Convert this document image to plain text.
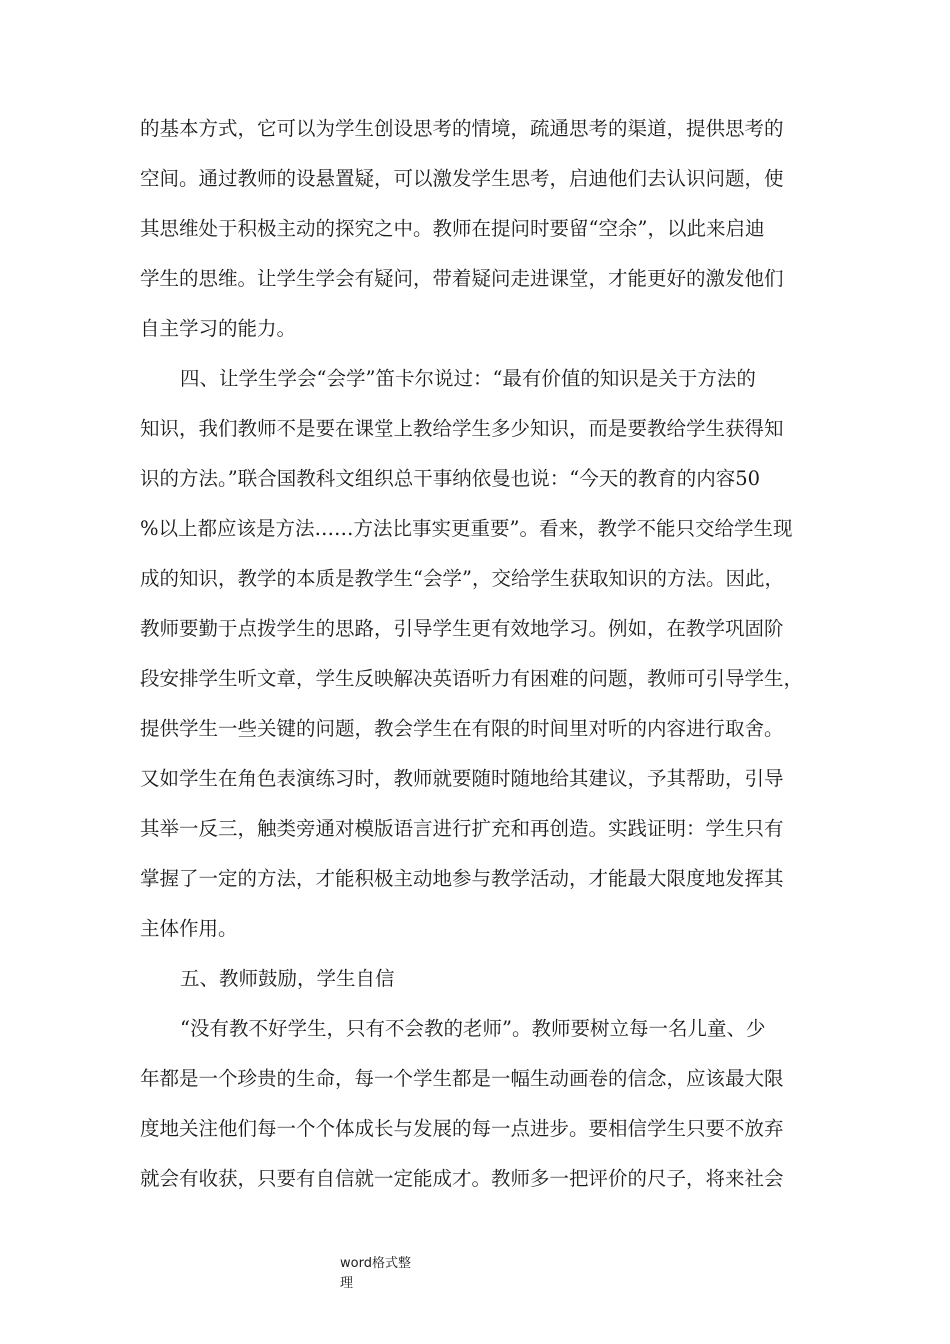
的基本方式，它可以为学生创设思考的情境，疏通思考的渠道，提供思考的
空间。通过教师的设悬置疑，可以激发学生思考，启迪他们去认识问题，使
其思维处于积极主动的探究之中。教师在提问时要留“空余”，以此来启迪
学生的思维。让学生学会有疑问，带着疑问走进课堂，才能更好的激发他们
自主学习的能力。
四、让学生学会“会学”笛卡尔说过：“最有价值的知识是关于方法的
知识，我们教师不是要在课堂上教给学生多少知识，而是要教给学生获得知
识的方法。”联合国教科文组织总干事纳依曼也说：“今天的教育的内容50
%以上都应该是方法……方法比事实更重要”。看来，教学不能只交给学生现
成的知识，教学的本质是教学生“会学”，交给学生获取知识的方法。因此，
教师要勤于点拨学生的思路，引导学生更有效地学习。例如，在教学巩固阶
段安排学生听文章，学生反映解决英语听力有困难的问题，教师可引导学生，
提供学生一些关键的问题，教会学生在有限的时间里对听的内容进行取舍。
又如学生在角色表演练习时，教师就要随时随地给其建议，予其帮助，引导
其举一反三，触类旁通对模版语言进行扩充和再创造。实践证明：学生只有
掌握了一定的方法，才能积极主动地参与教学活动，才能最大限度地发挥其
主体作用。
五、教师鼓励，学生自信
“没有教不好学生，只有不会教的老师”。教师要树立每一名儿童、少
年都是一个珍贵的生命，每一个学生都是一幅生动画卷的信念，应该最大限
度地关注他们每一个个体成长与发展的每一点进步。要相信学生只要不放弃
就会有收获，只要有自信就一定能成才。教师多一把评价的尺子，将来社会
word格式整
理
